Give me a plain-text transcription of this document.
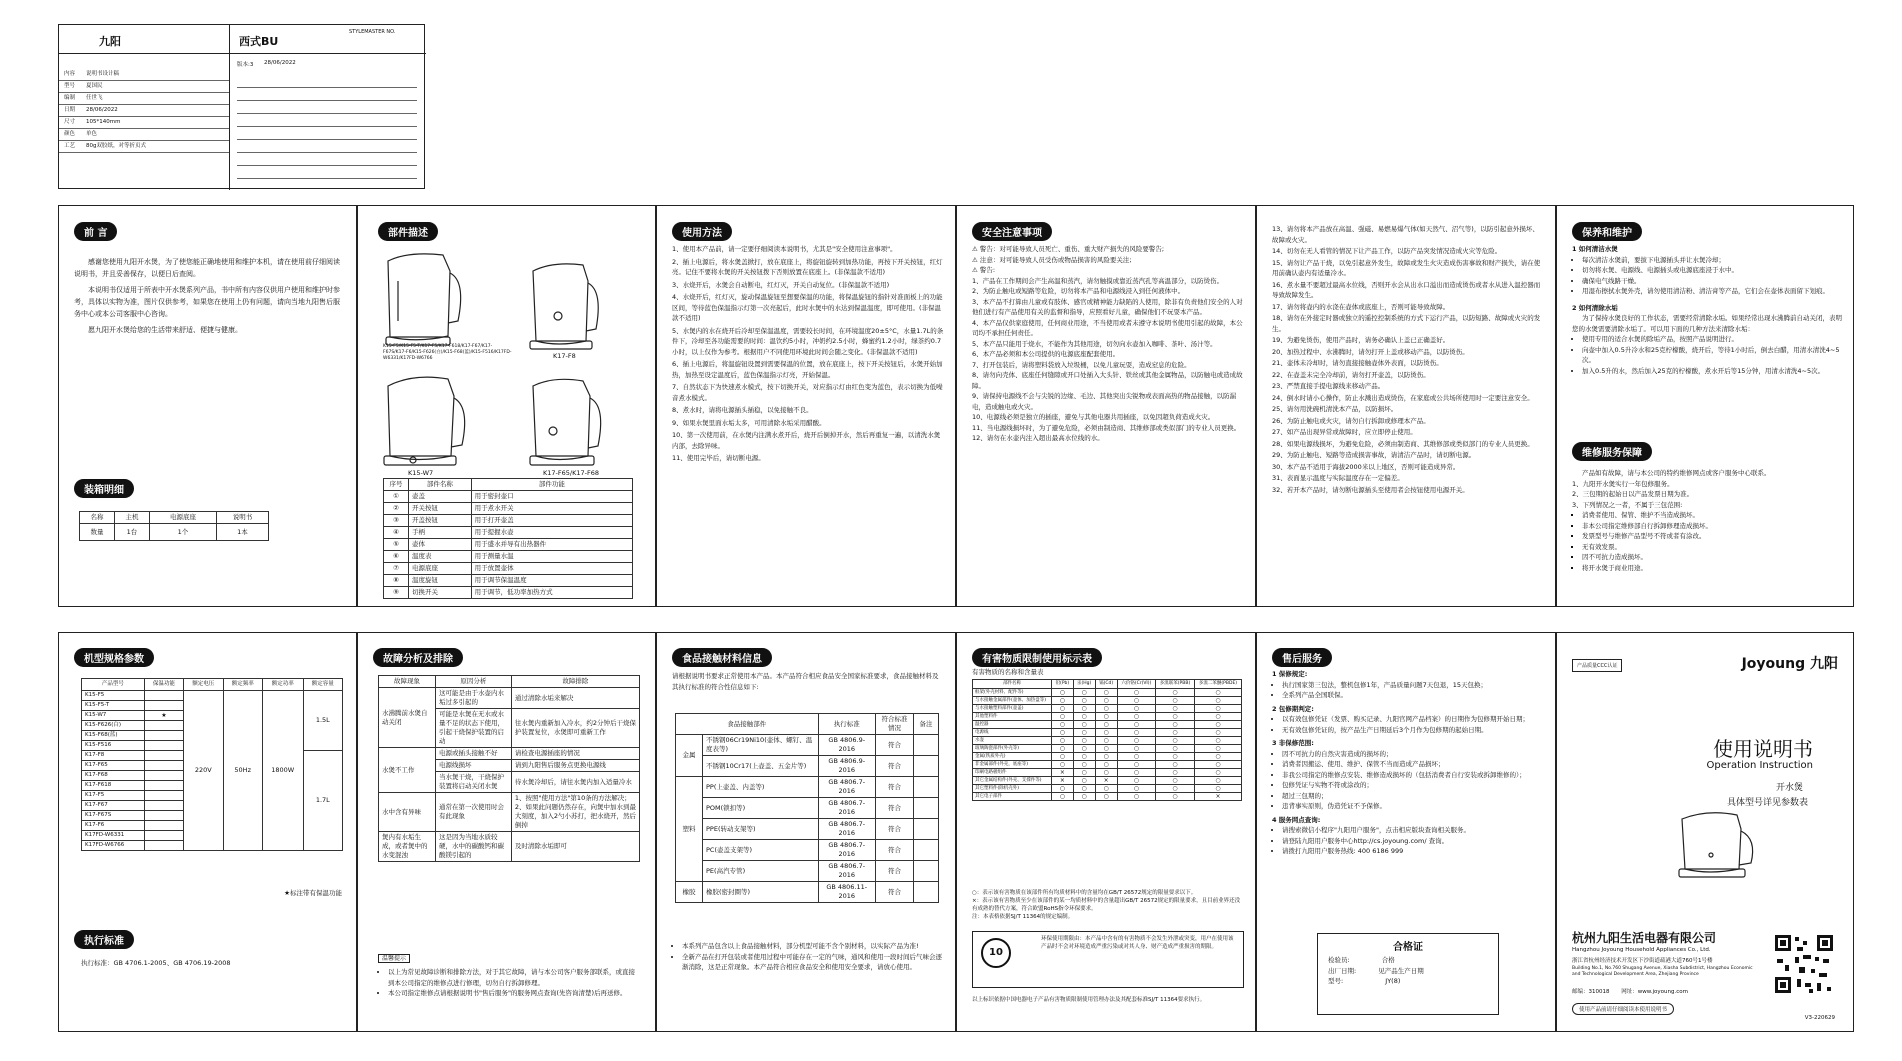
九阳	西式BU
STYLEMASTER NO.
版本:3 28/06/2022
内容 说明书设计稿
型号 夏国民
编制 任世飞
日期 28/06/2022
尺寸 105*140mm
颜色 单色
工艺 80g双胶纸，对等折页式
前 言

感谢您使用九阳开水煲，为了使您能正确地使用和维护本机，请在使用前仔细阅读说明书，并且妥善保存，以便日后查阅。

本说明书仅适用于所表中开水煲系列产品，书中所有内容仅供用户使用和维护时参考，具体以实物为准，图片仅供参考，如果您在使用上仍有问题，请向当地九阳售后服务中心或本公司客服中心咨询。

愿九阳开水煲给您的生活带来舒适、便捷与健康。

装箱明细
名称	主机	电源底座	说明书
数量	1台	1个	1本
部件描述
K15-F5/K15-F5-T/K17-F5/K17-F618/K17-F67/K17-F67S/K17-F6/K15-F626(白)/K15-F68(蓝)/K15-F516/K17FD-W6331/K17FD-W6766	K17-F8
K15-W7	K17-F65/K17-F68
序号	部件名称	部件功能
①	壶盖	用于密封壶口
②	开关按钮	用于煮水开关
③	开盖按钮	用于打开壶盖
④	手柄	用于提握水壶
⑤	壶体	用于盛水并导有出热器件
⑥	温度表	用于测量水温
⑦	电源底座	用于放置壶体
⑧	温度旋钮	用于调节保温温度
⑨	切换开关	用于调节，低功率加热方式
使用方法
1、使用本产品前，请一定要仔细阅读本说明书，尤其是"安全使用注意事项"。
2、插上电源后，将水煲盖掀打，放在底座上，将旋钮旋转到加热功能，再按下开关按钮，红灯亮。记住不要将水煲的开关按钮拨下否则放置在底座上。(非保温款不适用)
3、水烧开后，水煲会自动断电，红灯灭，开关自动复位。(非保温款不适用)
4、水烧开后，红灯灭，旋动保温旋钮至想要保温的功能，将保温旋钮的指针对准面板上的功能区间，等待蓝色保温指示灯第一次亮起后，此时水煲中的水达到保温温度，即可使用。(非保温款不适用)
5、水煲内的水在烧开后冷却至保温温度，需要较长时间，在环境温度20±5°C，水量1.7L的条件下，冷却至各功能需要的时间：温饮约5小时，冲奶约2.5小时，蜂蜜约1.2小时，绿茶约0.7小时，以上仅作为参考。根据用户不同使用环境此时间会随之变化。(非保温款不适用)
6、插上电源后，将温旋钮设置到需要保温的位置，放在底座上，按下开关按钮后，水煲开始加热，加热至设定温度后，蓝色保温指示灯亮，开始保温。
7、自然状态下为快速煮水模式，按下切换开关，对应指示灯由红色变为蓝色，表示切换为低噪音煮水模式。
8、煮水时，请将电源插头插稳，以免接触不良。
9、如果水煲里面水垢太多，可用清除水垢采用醋酸。
10、第一次使用前，在水煲内注满水煮开后，烧开后倒掉开水，然后再重复一遍，以清洗水煲内部，去除异味。
11、使用完毕后，请切断电源。
安全注意事项
⚠ 警告：对可能导致人员死亡、重伤、重大财产损失的风险要警告;
⚠ 注意：对可能导致人员受伤或物品损害的风险要关注;
⚠ 警告:
1、产品在工作期间会产生高温和蒸汽，请勿触摸或靠近蒸汽孔等高温部分，以防烫伤。
2、为防止触电或短路等危险，切勿将本产品和电源线浸入到任何液体中。
3、本产品不打算由儿童或有肢体、感官或精神能力缺陷的人使用，除非有负责他们安全的人对他们进行有产品使用有关的监督和指导，应照看好儿童，确保他们不玩耍本产品。
4、本产品仅供家庭使用，任何商业用途，不当使用或者未遵守本说明书使用引起的故障，本公司均不承担任何责任。
5、本产品只能用于烧水，不能作为其他用途，切勿向水壶加入咖啡、茶叶、汤汁等。
6、本产品必须和本公司提供的电源底座配套使用。
7、打开包装后，请将塑料袋放入垃圾桶，以免儿童玩耍，造成窒息的危险。
8、请勿向壳体、底座任何缝隙或开口处插入大头针、铁丝或其他金属物品，以防触电或造成故障。
9、请保持电源线不会与尖锐的边缘、毛边、其他突出尖锐物或表面高热的物品接触，以防漏电，造成触电或火灾。
10、电源线必须是独立的插座，避免与其他电器共用插座，以免因超负荷造成火灾。
11、当电源线损坏时，为了避免危险，必须由制造商、其维修部或类似部门的专业人员更换。
12、请勿在水壶内注入超出最高水位线的水。
13、请勿将本产品放在高温、强磁、易燃易爆气体(如天然气、沼气等)，以防引起意外损坏、故障或火灾。
14、切勿在无人看管的情况下让产品工作，以防产品突发情况造成火灾等危险。
15、请勿让产品干烧，以免引起意外发生，故障或发生火灾造成伤害事故和财产损失，请在使用前确认壶内有适量冷水。
16、煮水量不要超过最高水位线，否则开水会从出水口溢出而造成烫伤或者水从进入温控器而导致故障发生。
17、请勿将壶内的水浇在壶体或底座上，否则可能导致故障。
18、请勿在外接定时器或独立的遥控控制系统的方式下运行产品，以防短路、故障或火灾的发生。
19、为避免烫伤，使用产品时，请务必确认上盖已正确盖好。
20、加热过程中、水沸腾时，请勿打开上盖或移动产品，以防烫伤。
21、壶体未冷却时，请勿直接接触壶体外表面，以防烫伤。
22、在壶盖未完全冷却前，请勿打开壶盖，以防烫伤。
23、严禁直接手提电源线来移动产品。
24、倒水时请小心操作，防止水溅出造成烫伤，在家庭或公共场所使用时一定要注意安全。
25、请勿用洗碗机清洗本产品，以防损坏。
26、为防止触电或火灾，请勿自行拆卸或修理本产品。
27、如产品出现异常或故障时，应立即停止使用。
28、如果电源线损坏，为避免危险，必须由制造商、其维修部或类似部门的专业人员更换。
29、为防止触电、短路等造成损害事故，请清洁产品时，请切断电源。
30、本产品不适用于海拔2000米以上地区，否则可能造成异常。
31、表面显示温度与实际温度存在一定偏差。
32、若开本产品时，请勿断电源插头至使用者会按钮使用电源开关。
保养和维护
1 如何清洁水煲
• 每次清洁水煲前，要拔下电源插头并让水煲冷却；
• 切勿将水煲、电源线、电源插头或电源底座浸于水中。
• 确保电气线路干燥。
• 用湿布擦拭水煲外壳，请勿使用清洁粉、清洁膏等产品，它们会在壶体表面留下划痕。
2 如何清除水垢
为了保持水煲良好的工作状态，需要经常清除水垢。如果经常出现水沸腾前自动关闭，表明您的水煲需要清除水垢了。可以用下面的几种方法来清除水垢：
• 使用专用的适合水煲的除垢产品，按照产品说明进行。
• 向壶中加入0.5升冷水和25克柠檬酸，烧开后，等待1小时后，倒去白醋，用清水清洗4~5次。
• 加入0.5升的水，然后加入25克的柠檬酸，煮水开后等15分钟，用清水清洗4~5次。
维修服务保障
产品如有故障，请与本公司的特约维修网点或客户服务中心联系。
1、九阳开水煲实行一年包修服务。
2、三包期的起始日以产品发票日期为准。
3、下列情况之一者，不属于三包范围:
▪ 消费者使用、保管、维护不当造成损坏。
▪ 非本公司指定维修部自行拆卸修理造成损坏。
▪ 发票型号与维修产品型号不符或者有涂改。
▪ 无有效发票。
▪ 因不可抗力造成损坏。
▪ 将开水煲于商业用途。
机型规格参数
产品型号	保温功能	额定电压	额定频率	额定功率	额定容量
K15-F5		220V	50Hz	1800W	1.5L
K15-F5-T					
K15-W7	★				
K15-F626(白)					
K15-F68(蓝)					
K15-F516					
K17-F8					1.7L
K17-F65					
K17-F68					
K17-F618					
K17-F5					
K17-F67					
K17-F67S					
K17-F6					
K17FD-W6331					
K17FD-W6766					
★标注带有保温功能
执行标准
执行标准：GB 4706.1-2005、GB 4706.19-2008
故障分析及排除
故障现象	原因分析	故障排除
水沸腾前水煲自动关闭	这可能是由于水壶内水垢过多引起的	通过清除水垢来解决
	可能是水煲在无水或水量不足的状态下使用，引起干烧保护装置的启动	往水煲内重新加入冷水，约2分钟后干烧保护装置复位，水煲即可重新工作
水煲不工作	电源或插头接触不好	请检查电源插座的情况
	电源线损坏	请到九阳售后服务点更换电源线
	当水煲干烧，干烧保护装置将启动关闭水煲	待水煲冷却后，请往水煲内加入适量冷水
水中含有异味	通常在第一次使用时会有此现象	1、按照"使用方法"第10条的方法解决；2、如果此问题仍然存在，向煲中加水到最大刻度，加入2勺小苏打，把水烧开，然后倒掉
煲内有水垢生成，或者煲中的水变混浊	这是因为当地水质较硬，水中的碳酸钙和碳酸镁引起的	及时清除水垢即可
温馨提示
• 以上为常见故障诊断和排除方法，对于其它故障，请与本公司客户服务部联系，或直接到本公司指定的维修点进行修理，切勿自行拆卸修理。
• 本公司指定维修点请根据说明书"售后服务"的服务网点查询(先咨询清楚)后再送修。
食品接触材料信息
请根据说明书要求正常使用本产品。本产品符合相应食品安全国家标准要求，食品接触材料及其执行标准的符合性信息如下:
食品接触部件		执行标准	符合标准情况	备注
金属	不锈钢06Cr19Ni10(壶体、螺钉、温度表等)	GB 4806.9-2016	符合	
	不锈钢10Cr17(上壶盖、五金片等)	GB 4806.9-2016	符合	
塑料	PP(上壶盖、内盖等)	GB 4806.7-2016	符合	
	POM(锁扣等)	GB 4806.7-2016	符合	
	PPE(转动支架等)	GB 4806.7-2016	符合	
	PC(壶盖支架等)	GB 4806.7-2016	符合	
	PE(高汽专管)	GB 4806.7-2016	符合	
橡胶	橡胶(密封圈等)	GB 4806.11-2016	符合	
• 本系列产品包含以上食品接触材料，部分机型可能不含个别材料，以实际产品为准!
• 全新产品在打开包装或者使用过程中可能存在一定的气味，通风和使用一段时间后气味会逐渐消除，这是正常现象。本产品符合相应食品安全和使用安全要求，请放心使用。
有害物质限制使用标示表
有害物质的名称和含量表
部件名称	铅(Pb)	汞(Hg)	镉(Cd)	六价铬(Cr(VI))	多溴联苯(PBB)	多溴二苯醚(PBDE)
框架(外壳材料、配件等)	○	○	○	○	○	○
与水接触金属部件(壶体、加热盘等)	○	○	○	○	○	○
与水接触塑料部件(壶盖)	○	○	○	○	○	○
其他塑料件	○	○	○	○	○	○
温控器	○	○	○	○	○	○
电源线	○	○	○	○	○	○
水壶	○	○	○	○	○	○
玻璃陶瓷部件(外壳等)	○	○	○	○	○	○
金属(铁质外壳)	○	○	○	○	○	○
非金属部件(外壳，底座等)	○	○	○	○	○	○
印刷电路板组件	×	○	○	○	○	○
其它金属结构件(外壳、支撑件等)	×	○	×	○	○	○
其它塑料件(除机壳外)	○	○	○	○	○	○
其它电子部件	○	○	○	○	○	×
○：表示该有害物质在该部件所有均质材料中的含量均在GB/T 26572规定的限量要求以下。
×：表示该有害物质至少在该部件的某一均质材料中的含量超出GB/T 26572规定的限量要求，且目前业界还没有成熟的替代方案，符合欧盟RoHS指令环保要求。
注：本表格依据SJ/T 11364的规定编制。
10
环保使用期限由：本产品中含有的有害物质不会发生外泄或突变，用户在使用该产品时不会对环境造成严重污染或对其人身、财产造成严重损害的期限。
以上标识依据中国电器电子产品有害物质限制使用管理办法及其配套标准SJ/T 11364要求执行。
售后服务
1 保修规定:
• 执行国家第三包法，整机包修1年，产品质量问题7天包退，15天包换；
• 全系列产品全国联保。
2 包修期判定:
• 以有效包修凭证（发票、购买记录、九阳官网产品档案）的日期作为包修期开始日期；
• 无有效包修凭证的，按产品生产日期延后3个月作为包修期的起始日期。
3 非保修范围:
• 因不可抗力的自然灾害造成的损坏的；
• 消费者因搬运、使用、维护、保管不当而造成产品损坏；
• 非我公司指定的维修点安装、维修造成损坏的（包括消费者自行安装或拆卸维修的）；
• 包修凭证与实物不符或涂改的；
• 超过三包期的；
• 违背事实原则，伪造凭证不予保修。
4 服务网点查询:
• 请搜索微信小程序"九阳用户服务"，点击相应版块查询相关服务。
• 请登陆九阳用户服务中心http://cs.joyoung.com/ 查询。
• 请拨打九阳用户服务热线: 400 6186 999
合格证
检验员:	合格
出厂日期:	见产品生产日期
型号:	JY(8)
产品质量CCC认证	Joyoung 九阳
使用说明书
Operation Instruction
开水煲
具体型号详见参数表
杭州九阳生活电器有限公司
Hangzhou Joyoung Household Appliances Co., Ltd.
浙江省杭州经济技术开发区下沙街道疏港大道760号1号楼
Building No.1, No.760 Shugang Avenue, Xiasha Subdistrict, Hangzhou Economic and Technological Development Area, Zhejiang Province
邮编：310018 网址：www.joyoung.com
使用产品前请仔细阅读本使用说明书
V3-220629
